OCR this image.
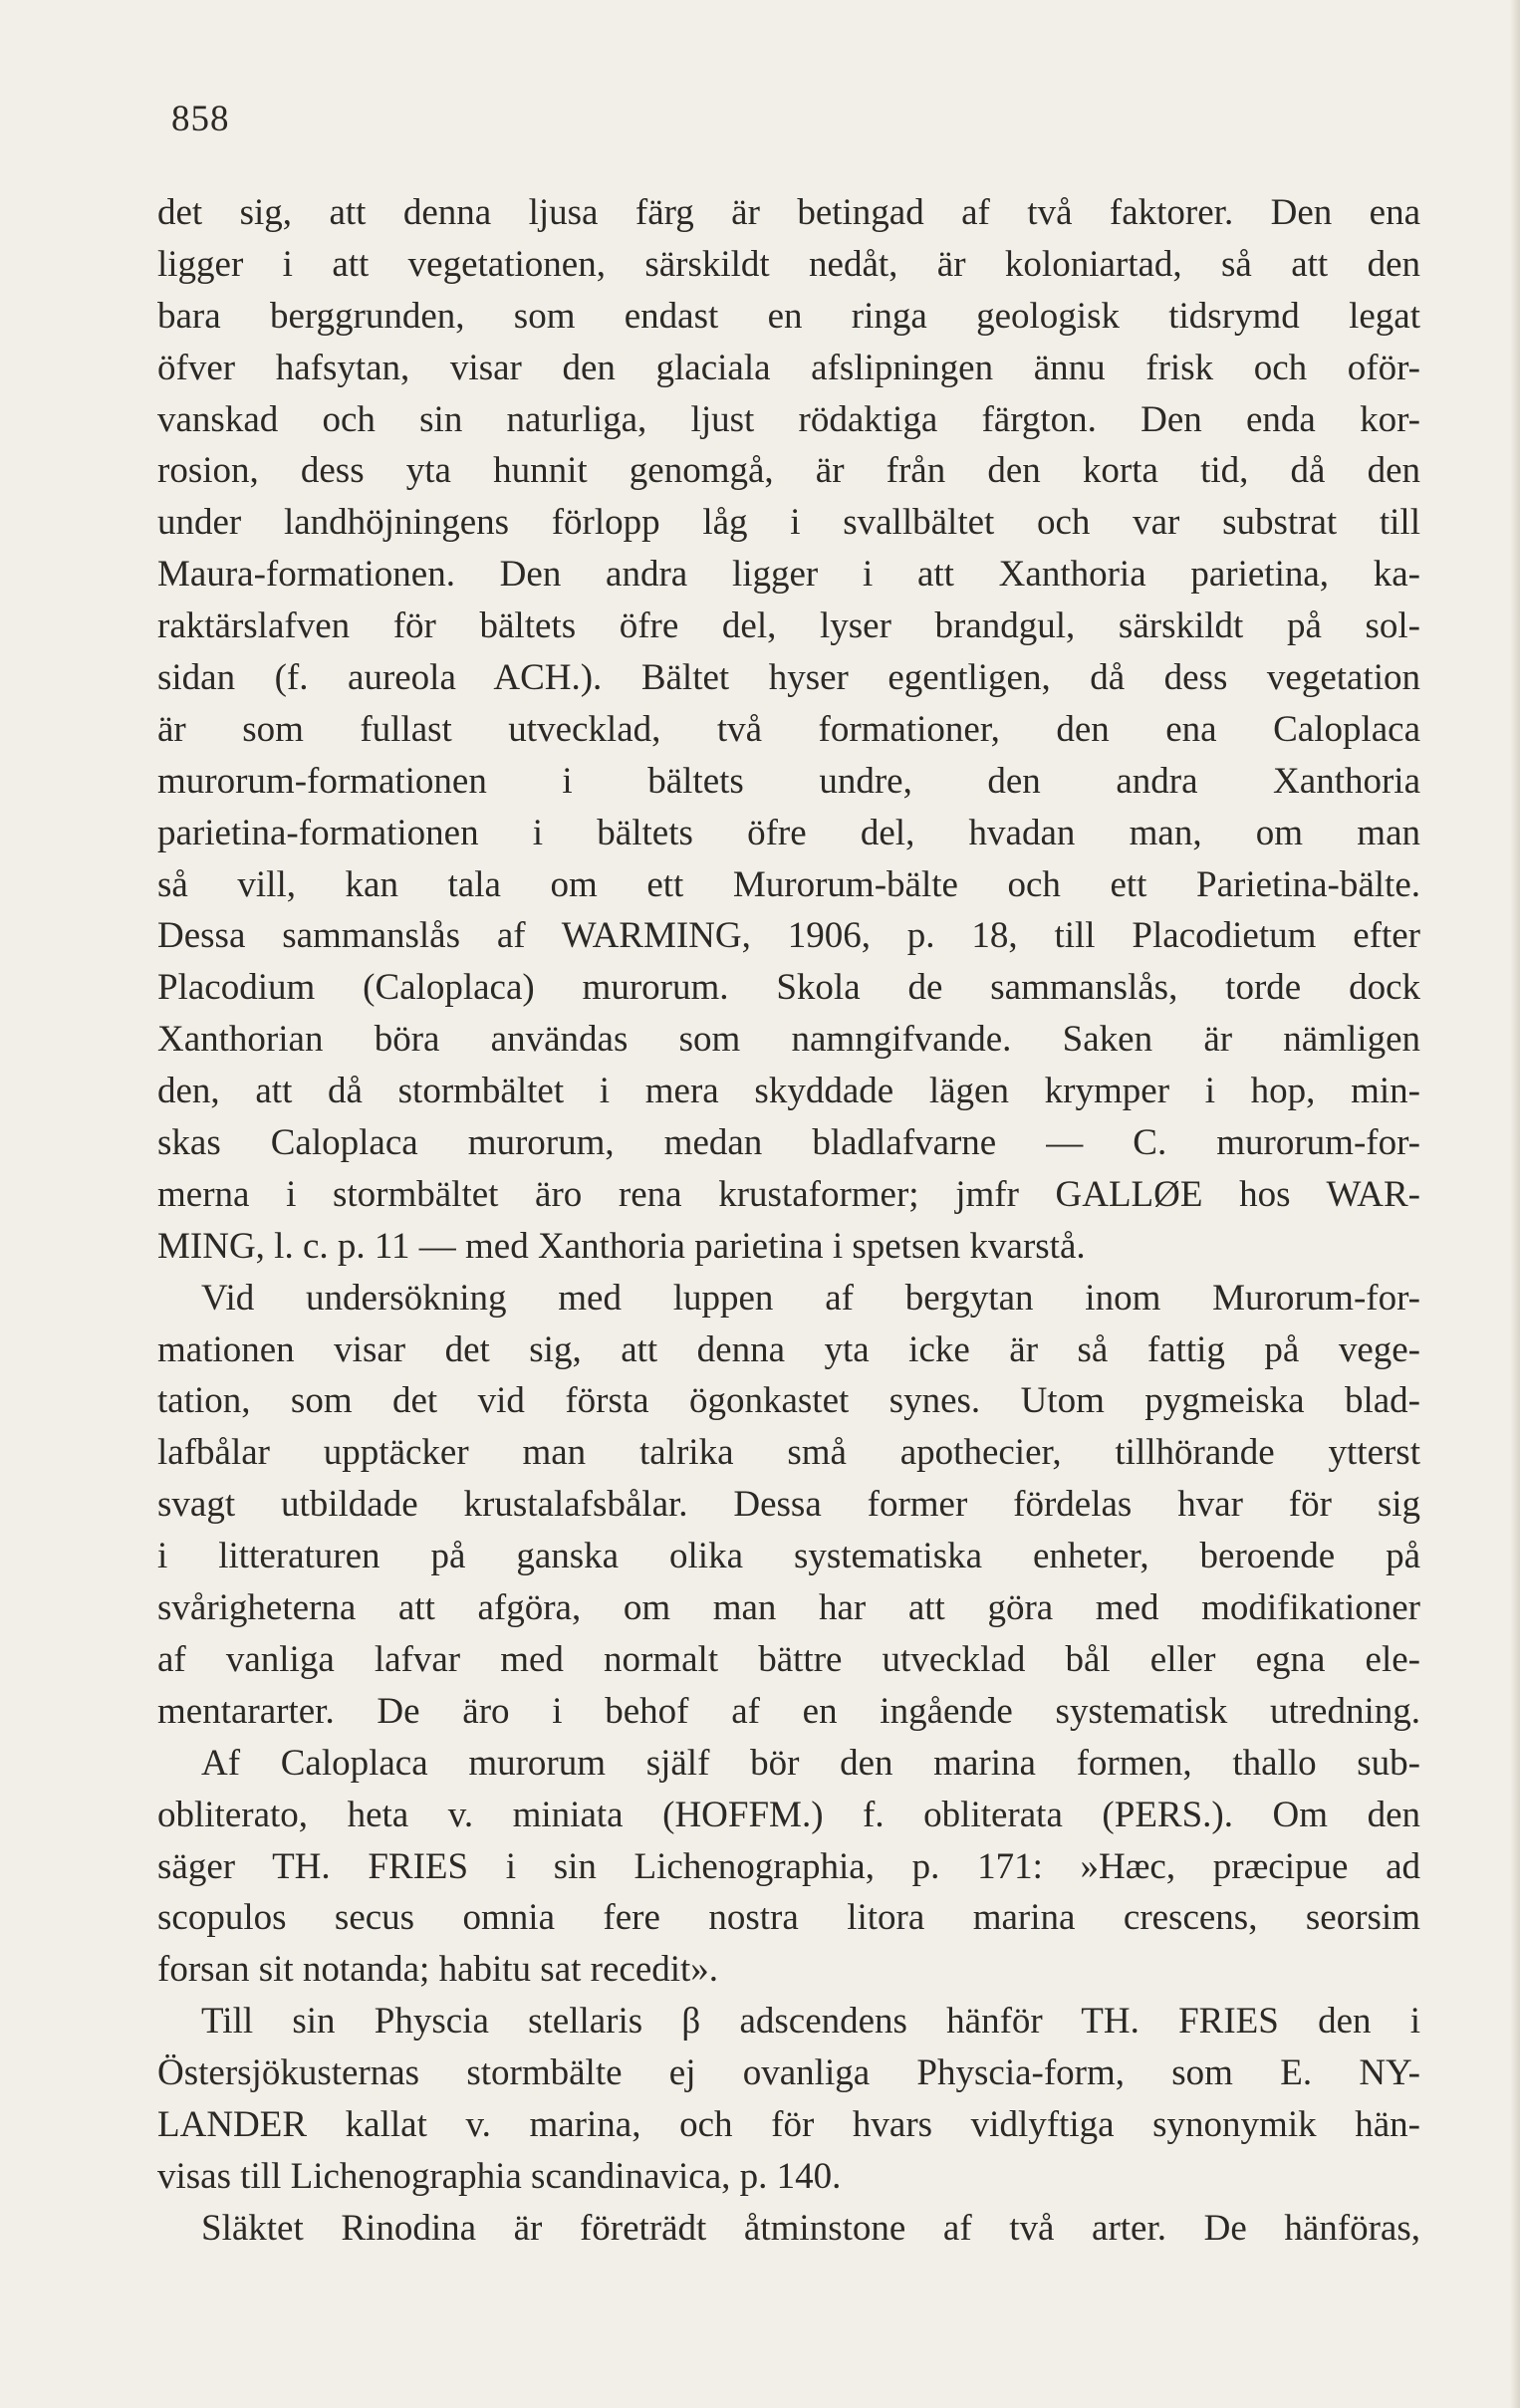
858
det sig, att denna ljusa färg är betingad af två faktorer. Den ena
ligger i att vegetationen, särskildt nedåt, är koloniartad, så att den
bara berggrunden, som endast en ringa geologisk tidsrymd legat
öfver hafsytan, visar den glaciala afslipningen ännu frisk och oför-
vanskad och sin naturliga, ljust rödaktiga färgton. Den enda kor-
rosion, dess yta hunnit genomgå, är från den korta tid, då den
under landhöjningens förlopp låg i svallbältet och var substrat till
Maura-formationen. Den andra ligger i att Xanthoria parietina, ka-
raktärslafven för bältets öfre del, lyser brandgul, särskildt på sol-
sidan (f. aureola ACH.). Bältet hyser egentligen, då dess vegetation
är som fullast utvecklad, två formationer, den ena Caloplaca
murorum-formationen i bältets undre, den andra Xanthoria
parietina-formationen i bältets öfre del, hvadan man, om man
så vill, kan tala om ett Murorum-bälte och ett Parietina-bälte.
Dessa sammanslås af WARMING, 1906, p. 18, till Placodietum efter
Placodium (Caloplaca) murorum. Skola de sammanslås, torde dock
Xanthorian böra användas som namngifvande. Saken är nämligen
den, att då stormbältet i mera skyddade lägen krymper i hop, min-
skas Caloplaca murorum, medan bladlafvarne — C. murorum-for-
merna i stormbältet äro rena krustaformer; jmfr GALLØE hos WAR-
MING, l. c. p. 11 — med Xanthoria parietina i spetsen kvarstå.
Vid undersökning med luppen af bergytan inom Murorum-for-
mationen visar det sig, att denna yta icke är så fattig på vege-
tation, som det vid första ögonkastet synes. Utom pygmeiska blad-
lafbålar upptäcker man talrika små apothecier, tillhörande ytterst
svagt utbildade krustalafsbålar. Dessa former fördelas hvar för sig
i litteraturen på ganska olika systematiska enheter, beroende på
svårigheterna att afgöra, om man har att göra med modifikationer
af vanliga lafvar med normalt bättre utvecklad bål eller egna ele-
mentararter. De äro i behof af en ingående systematisk utredning.
Af Caloplaca murorum själf bör den marina formen, thallo sub-
obliterato, heta v. miniata (HOFFM.) f. obliterata (PERS.). Om den
säger TH. FRIES i sin Lichenographia, p. 171: »Hæc, præcipue ad
scopulos secus omnia fere nostra litora marina crescens, seorsim
forsan sit notanda; habitu sat recedit».
Till sin Physcia stellaris β adscendens hänför TH. FRIES den i
Östersjökusternas stormbälte ej ovanliga Physcia-form, som E. NY-
LANDER kallat v. marina, och för hvars vidlyftiga synonymik hän-
visas till Lichenographia scandinavica, p. 140.
Släktet Rinodina är företrädt åtminstone af två arter. De hänföras,
